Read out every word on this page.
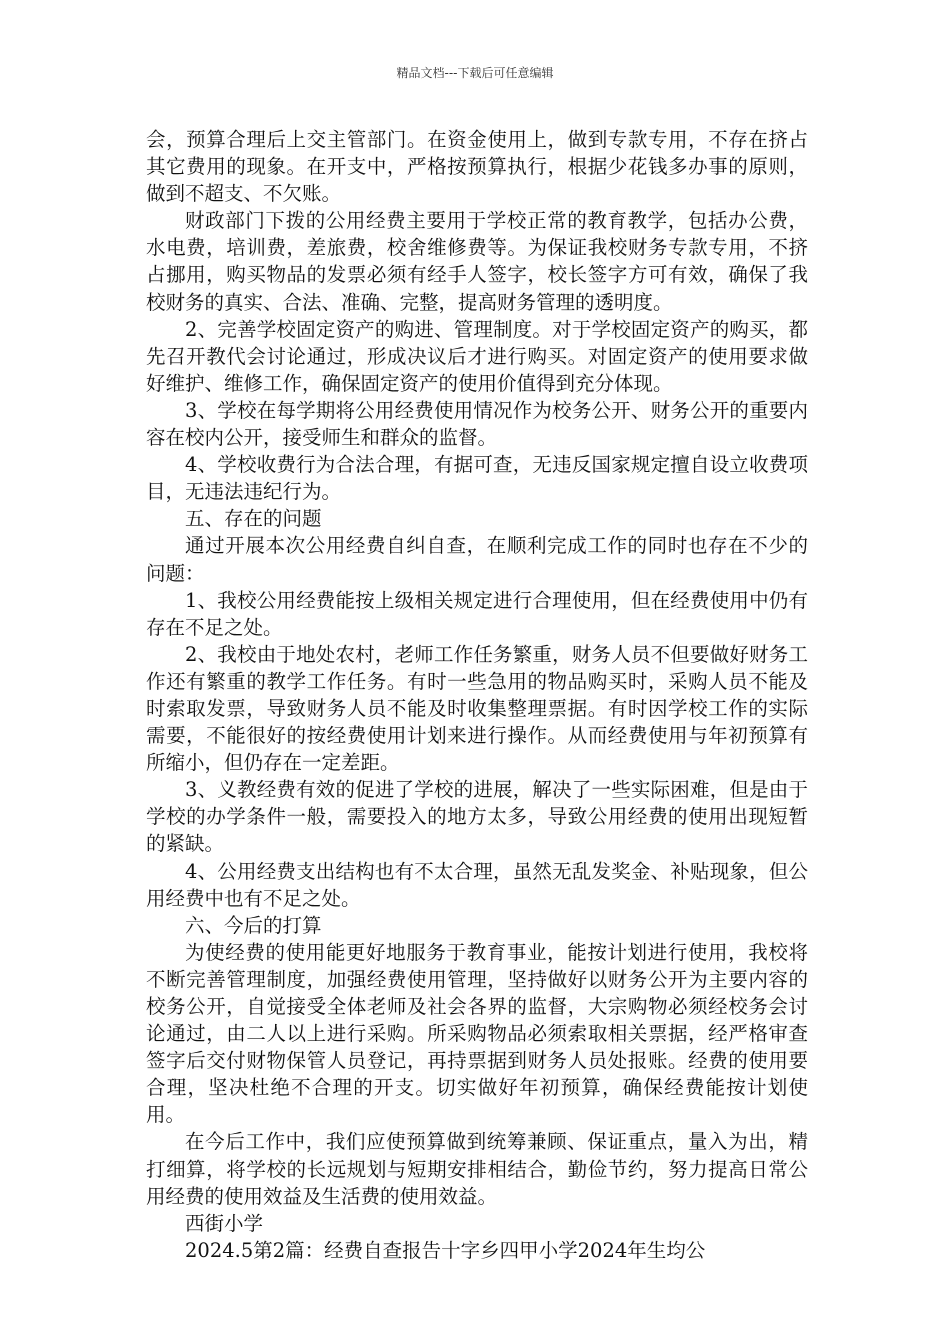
精品文档---下载后可任意编辑

会，预算合理后上交主管部门。在资金使用上，做到专款专用，不存在挤占其它费用的现象。在开支中，严格按预算执行，根据少花钱多办事的原则，做到不超支、不欠账。

财政部门下拨的公用经费主要用于学校正常的教育教学，包括办公费，水电费，培训费，差旅费，校舍维修费等。为保证我校财务专款专用，不挤占挪用，购买物品的发票必须有经手人签字，校长签字方可有效，确保了我校财务的真实、合法、准确、完整，提高财务管理的透明度。

2、完善学校固定资产的购进、管理制度。对于学校固定资产的购买，都先召开教代会讨论通过，形成决议后才进行购买。对固定资产的使用要求做好维护、维修工作，确保固定资产的使用价值得到充分体现。

3、学校在每学期将公用经费使用情况作为校务公开、财务公开的重要内容在校内公开，接受师生和群众的监督。

4、学校收费行为合法合理，有据可查，无违反国家规定擅自设立收费项目，无违法违纪行为。

五、存在的问题

通过开展本次公用经费自纠自查，在顺利完成工作的同时也存在不少的问题：

1、我校公用经费能按上级相关规定进行合理使用，但在经费使用中仍有存在不足之处。

2、我校由于地处农村，老师工作任务繁重，财务人员不但要做好财务工作还有繁重的教学工作任务。有时一些急用的物品购买时，采购人员不能及时索取发票，导致财务人员不能及时收集整理票据。有时因学校工作的实际需要，不能很好的按经费使用计划来进行操作。从而经费使用与年初预算有所缩小，但仍存在一定差距。

3、义教经费有效的促进了学校的进展，解决了一些实际困难，但是由于学校的办学条件一般，需要投入的地方太多，导致公用经费的使用出现短暂的紧缺。

4、公用经费支出结构也有不太合理，虽然无乱发奖金、补贴现象，但公用经费中也有不足之处。

六、今后的打算

为使经费的使用能更好地服务于教育事业，能按计划进行使用，我校将不断完善管理制度，加强经费使用管理，坚持做好以财务公开为主要内容的校务公开，自觉接受全体老师及社会各界的监督，大宗购物必须经校务会讨论通过，由二人以上进行采购。所采购物品必须索取相关票据，经严格审查签字后交付财物保管人员登记，再持票据到财务人员处报账。经费的使用要合理，坚决杜绝不合理的开支。切实做好年初预算，确保经费能按计划使用。

在今后工作中，我们应使预算做到统筹兼顾、保证重点，量入为出，精打细算，将学校的长远规划与短期安排相结合，勤俭节约，努力提高日常公用经费的使用效益及生活费的使用效益。

西街小学

2024.5第2篇：经费自查报告十字乡四甲小学2024年生均公
